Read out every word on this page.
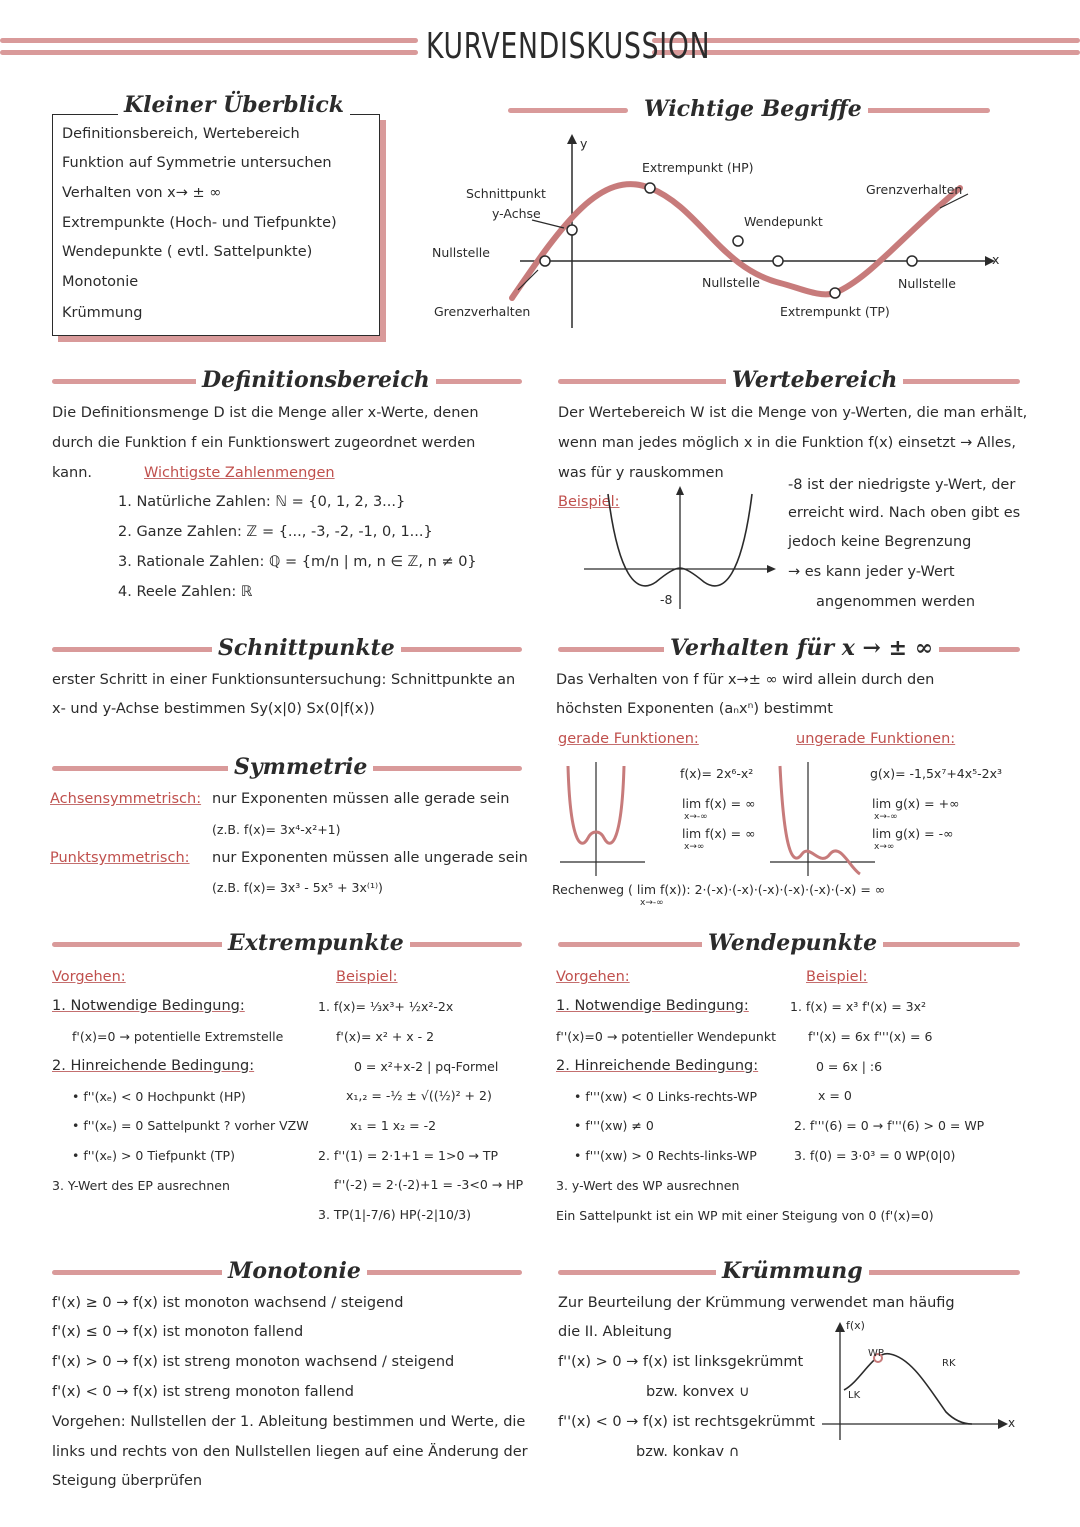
KURVENDISKUSSION
Kleiner Überblick
Definitionsbereich, Wertebereich
Funktion auf Symmetrie untersuchen
Verhalten von x→ ± ∞
Extrempunkte (Hoch- und Tiefpunkte)
Wendepunkte ( evtl. Sattelpunkte)
Monotonie
Krümmung
Wichtige Begriffe
y
x
Extrempunkt (HP)
Schnittpunkt
y-Achse
Grenzverhalten
Wendepunkt
Nullstelle
Nullstelle	Nullstelle
Grenzverhalten	Extrempunkt (TP)
Definitionsbereich
Die Definitionsmenge D ist die Menge aller x-Werte, denen
durch die Funktion f ein Funktionswert zugeordnet werden
kann.	Wichtigste Zahlenmengen
1. Natürliche Zahlen: ℕ = {0, 1, 2, 3...}
2. Ganze Zahlen: ℤ = {..., -3, -2, -1, 0, 1...}
3. Rationale Zahlen: ℚ = {m/n | m, n ∈ ℤ, n ≠ 0}
4. Reele Zahlen: ℝ
Wertebereich
Der Wertebereich W ist die Menge von y-Werten, die man erhält,
wenn man jedes möglich x in die Funktion f(x) einsetzt → Alles,
was für y rauskommen
Beispiel:
-8
-8 ist der niedrigste y-Wert, der
erreicht wird. Nach oben gibt es
jedoch keine Begrenzung
→ es kann jeder y-Wert
angenommen werden
Schnittpunkte
erster Schritt in einer Funktionsuntersuchung: Schnittpunkte an
x- und y-Achse bestimmen Sy(x|0) Sx(0|f(x))
Verhalten für x → ± ∞
Das Verhalten von f für x→± ∞ wird allein durch den
höchsten Exponenten (aₙxⁿ) bestimmt
gerade Funktionen:	ungerade Funktionen:
f(x)= 2x⁶-x²
lim f(x) = ∞
x→-∞
lim f(x) = ∞
x→∞
g(x)= -1,5x⁷+4x⁵-2x³
lim g(x) = +∞
x→-∞
lim g(x) = -∞
x→∞
Rechenweg ( lim f(x)): 2·(-x)·(-x)·(-x)·(-x)·(-x)·(-x) = ∞
x→-∞
Symmetrie
Achsensymmetrisch: nur Exponenten müssen alle gerade sein
(z.B. f(x)= 3x⁴-x²+1)
Punktsymmetrisch: nur Exponenten müssen alle ungerade sein
(z.B. f(x)= 3x³ - 5x⁵ + 3x⁽¹⁾)
Extrempunkte
Vorgehen:
1. Notwendige Bedingung:
f'(x)=0 → potentielle Extremstelle
2. Hinreichende Bedingung:
• f''(xₑ) < 0 Hochpunkt (HP)
• f''(xₑ) = 0 Sattelpunkt ? vorher VZW
• f''(xₑ) > 0 Tiefpunkt (TP)
3. Y-Wert des EP ausrechnen
Beispiel:
1. f(x)= ⅓x³+ ½x²-2x
f'(x)= x² + x - 2
0 = x²+x-2 | pq-Formel
x₁,₂ = -½ ± √((½)² + 2)
x₁ = 1 x₂ = -2
2. f''(1) = 2·1+1 = 1>0 → TP
f''(-2) = 2·(-2)+1 = -3<0 → HP
3. TP(1|-7/6) HP(-2|10/3)
Wendepunkte
Vorgehen:
1. Notwendige Bedingung:
f''(x)=0 → potentieller Wendepunkt
2. Hinreichende Bedingung:
• f'''(xw) < 0 Links-rechts-WP
• f'''(xw) ≠ 0
• f'''(xw) > 0 Rechts-links-WP
3. y-Wert des WP ausrechnen
Ein Sattelpunkt ist ein WP mit einer Steigung von 0 (f'(x)=0)
Beispiel:
1. f(x) = x³ f'(x) = 3x²
f''(x) = 6x f'''(x) = 6
0 = 6x | :6
x = 0
2. f'''(6) = 0 → f'''(6) > 0 = WP
3. f(0) = 3·0³ = 0 WP(0|0)
Monotonie
f'(x) ≥ 0 → f(x) ist monoton wachsend / steigend
f'(x) ≤ 0 → f(x) ist monoton fallend
f'(x) > 0 → f(x) ist streng monoton wachsend / steigend
f'(x) < 0 → f(x) ist streng monoton fallend
Vorgehen: Nullstellen der 1. Ableitung bestimmen und Werte, die
links und rechts von den Nullstellen liegen auf eine Änderung der
Steigung überprüfen
Krümmung
Zur Beurteilung der Krümmung verwendet man häufig
die II. Ableitung
f''(x) > 0 → f(x) ist linksgekrümmt
bzw. konvex ∪
f''(x) < 0 → f(x) ist rechtsgekrümmt
bzw. konkav ∩
f(x)
WP
RK
LK
x
